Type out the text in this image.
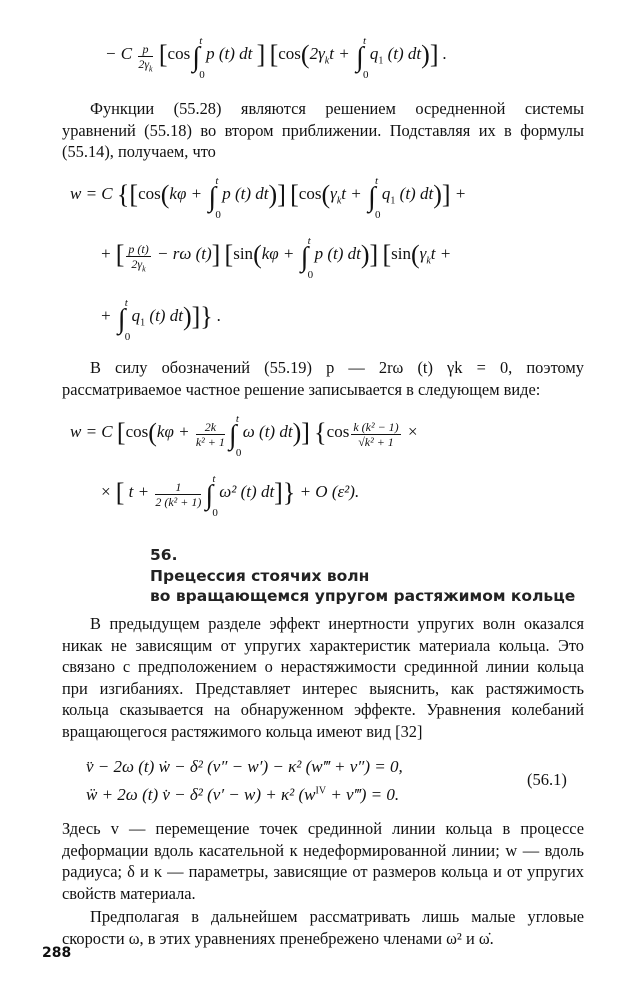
− C $\frac{p}{2\gamma_k} [\cos\int$
t
0
p (t) dt ] [$\cos(2\gamma_kt$ + ∫
t
0
$q_1$ (t) dt)] .
Функции (55.28) являются решением осредненной системы уравнений (55.18) во втором приближении. Подставляя их в формулы (55.14), получаем, что
w = C {[cos(kφ + ∫
t
0
p (t) dt)] [$\cos(\gamma_kt$ + ∫
t
0
$q_1$ (t) dt)] +
+ [ $\frac{p (t)}{2\gamma_k} - r\omega$ (t)] [sin(kφ + ∫
t
0
p (t) dt)] [$\sin(\gamma_kt$ +
+ ∫
t
0
$q_1$ (t) dt)]} .
В силу обозначений (55.19) p — 2rω (t) γk = 0, поэтому рассматриваемое частное решение записывается в следующем виде:
w = C [$\cos(k\varphi + \frac{2k}{\text{k² + 1}}$ ∫
t
0
ω (t) dt)] {$\cos \frac{\text{k (k² − 1)}}{\text{√k² + 1}}$ ×
× [ $t + \frac{1}{\text{2 (k² + 1)}}$ ∫
t
0
ω² (t) dt]} + O (ε²).
56.
Прецессия стоячих волн
во вращающемся упругом растяжимом кольце
В предыдущем разделе эффект инертности упругих волн оказался никак не зависящим от упругих характеристик материала кольца. Это связано с предположением о нерастяжимости срединной линии кольца при изгибаниях. Представляет интерес выяснить, как растяжимость кольца сказывается на обнаруженном эффекте. Уравнения колебаний вращающегося растяжимого кольца имеют вид [32]
v̈ − 2ω (t) ẇ − δ² (v″ − w′) − κ² (w‴ + v″) = 0,
ẅ + 2ω (t) v̇ − δ² (v′ − w) + κ² ($w^{IV}$ + v‴) = 0.
(56.1)
Здесь v — перемещение точек срединной линии кольца в процессе деформации вдоль касательной к недеформированной линии; w — вдоль радиуса; δ и κ — параметры, зависящие от размеров кольца и от упругих свойств материала.
Предполагая в дальнейшем рассматривать лишь малые угловые скорости ω, в этих уравнениях пренебрежено членами ω² и ω̇.
288
